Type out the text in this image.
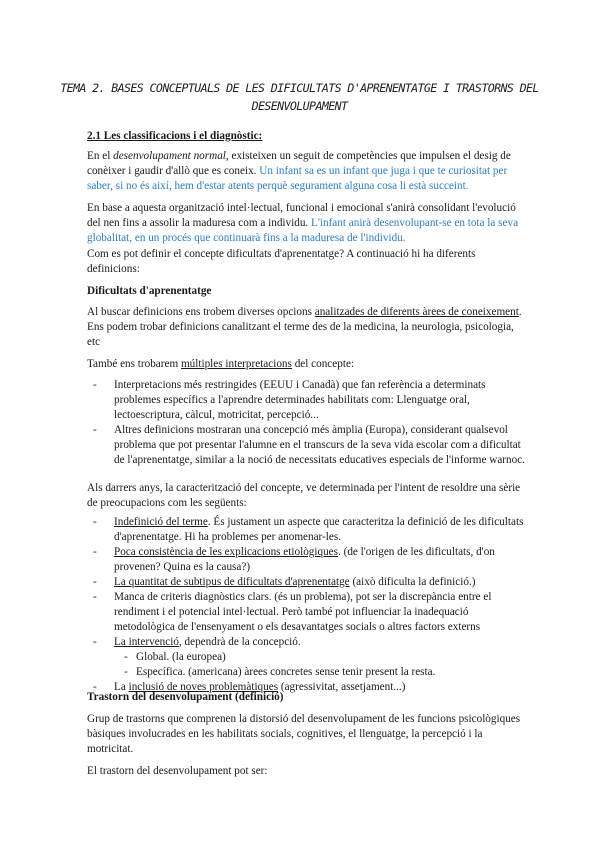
TEMA 2. BASES CONCEPTUALS DE LES DIFICULTATS D'APRENENTATGE I TRASTORNS DEL
DESENVOLUPAMENT
2.1 Les classificacions i el diagnòstic:
En el desenvolupament normal, existeixen un seguit de competències que impulsen el desig de conèixer i gaudir d'allò que es coneix. Un infant sa es un infant que juga i que te curiositat per saber, si no és així, hem d'estar atents perquè segurament alguna cosa li està succeint.
En base a aquesta organització intel·lectual, funcional i emocional s'anirà consolidant l'evolució del nen fins a assolir la maduresa com a individu. L'infant anirà desenvolupant-se en tota la seva globalitat, en un procés que continuarà fins a la maduresa de l'individu.
Com es pot definir el concepte dificultats d'aprenentatge? A continuació hi ha diferents definicions:
Dificultats d'aprenentatge
Al buscar definicions ens trobem diverses opcions analitzades de diferents àrees de coneixement. Ens podem trobar definicions canalitzant el terme des de la medicina, la neurologia, psicologia, etc
També ens trobarem múltiples interpretacions del concepte:
- Interpretacions més restringides (EEUU i Canadà) que fan referència a determinats problemes específics a l'aprendre determinades habilitats com: Llenguatge oral, lectoescriptura, càlcul, motricitat, percepció...
- Altres definicions mostraran una concepció més àmplia (Europa), considerant qualsevol problema que pot presentar l'alumne en el transcurs de la seva vida escolar com a dificultat de l'aprenentatge, similar a la noció de necessitats educatives especials de l'informe warnoc.
Als darrers anys, la caracterització del concepte, ve determinada per l'intent de resoldre una sèrie de preocupacions com les següents:
- Indefinició del terme. És justament un aspecte que caracteritza la definició de les dificultats d'aprenentatge. Hi ha problemes per anomenar-les.
- Poca consistència de les explicacions etiològiques. (de l'origen de les dificultats, d'on provenen? Quina es la causa?)
- La quantitat de subtipus de dificultats d'aprenentatge (això dificulta la definició.)
- Manca de criteris diagnòstics clars. (és un problema), pot ser la discrepància entre el rendiment i el potencial intel·lectual. Però també pot influenciar la inadequació metodològica de l'ensenyament o els desavantatges socials o altres factors externs
- La intervenció, dependrà de la concepció.
- Global. (la europea)
- Específica. (americana) àrees concretes sense tenir present la resta.
- La inclusió de noves problemàtiques (agressivitat, assetjament...)
Trastorn del desenvolupament (definició)
Grup de trastorns que comprenen la distorsió del desenvolupament de les funcions psicològiques bàsiques involucrades en les habilitats socials, cognitives, el llenguatge, la percepció i la motricitat.
El trastorn del desenvolupament pot ser:
